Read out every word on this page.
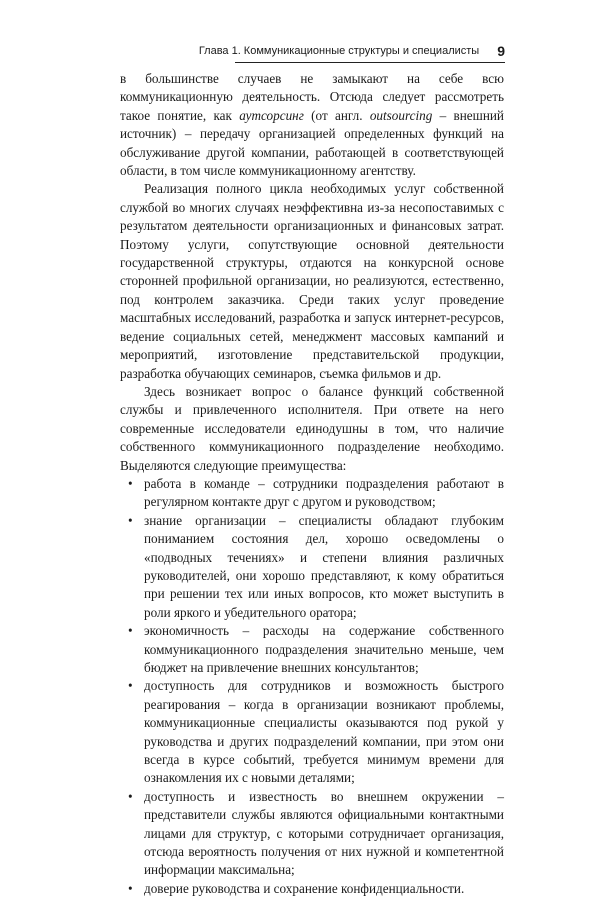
Глава 1. Коммуникационные структуры и специалисты	9

в большинстве случаев не замыкают на себе всю коммуникационную деятельность. Отсюда следует рассмотреть такое понятие, как аутсорсинг (от англ. outsourcing – внешний источник) – передачу организацией определенных функций на обслуживание другой компании, работающей в соответствующей области, в том числе коммуникационному агентству.

Реализация полного цикла необходимых услуг собственной службой во многих случаях неэффективна из-за несопоставимых с результатом деятельности организационных и финансовых затрат. Поэтому услуги, сопутствующие основной деятельности государственной структуры, отдаются на конкурсной основе сторонней профильной организации, но реализуются, естественно, под контролем заказчика. Среди таких услуг проведение масштабных исследований, разработка и запуск интернет-ресурсов, ведение социальных сетей, менеджмент массовых кампаний и мероприятий, изготовление представительской продукции, разработка обучающих семинаров, съемка фильмов и др.

Здесь возникает вопрос о балансе функций собственной службы и привлеченного исполнителя. При ответе на него современные исследователи единодушны в том, что наличие собственного коммуникационного подразделение необходимо. Выделяются следующие преимущества:

• работа в команде – сотрудники подразделения работают в регулярном контакте друг с другом и руководством;
• знание организации – специалисты обладают глубоким пониманием состояния дел, хорошо осведомлены о «подводных течениях» и степени влияния различных руководителей, они хорошо представляют, к кому обратиться при решении тех или иных вопросов, кто может выступить в роли яркого и убедительного оратора;
• экономичность – расходы на содержание собственного коммуникационного подразделения значительно меньше, чем бюджет на привлечение внешних консультантов;
• доступность для сотрудников и возможность быстрого реагирования – когда в организации возникают проблемы, коммуникационные специалисты оказываются под рукой у руководства и других подразделений компании, при этом они всегда в курсе событий, требуется минимум времени для ознакомления их с новыми деталями;
• доступность и известность во внешнем окружении – представители службы являются официальными контактными лицами для структур, с которыми сотрудничает организация, отсюда вероятность получения от них нужной и компетентной информации максимальна;
• доверие руководства и сохранение конфиденциальности.
